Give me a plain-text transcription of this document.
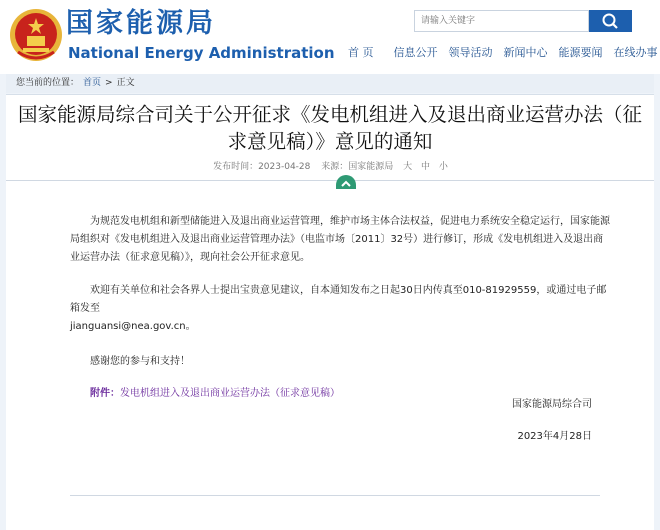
国家能源局
National Energy Administration
请输入关键字 首 页 信息公开 领导活动 新闻中心 能源要闻 在线办事
您当前的位置： 首页 > 正文
国家能源局综合司关于公开征求《发电机组进入及退出商业运营办法（征求意见稿）》意见的通知
发布时间：2023-04-28 来源：国家能源局 大 中 小

为规范发电机组和新型储能进入及退出商业运营管理，维护市场主体合法权益，促进电力系统安全稳定运行，国家能源局组织对《发电机组进入及退出商业运营管理办法》（电监市场〔2011〕32号）进行修订，形成《发电机组进入及退出商业运营办法（征求意见稿）》，现向社会公开征求意见。

欢迎有关单位和社会各界人士提出宝贵意见建议，自本通知发布之日起30日内传真至010-81929559，或通过电子邮箱发至

jianguansi@nea.gov.cn。

感谢您的参与和支持！

附件：发电机组进入及退出商业运营办法（征求意见稿）
国家能源局综合司
2023年4月28日
